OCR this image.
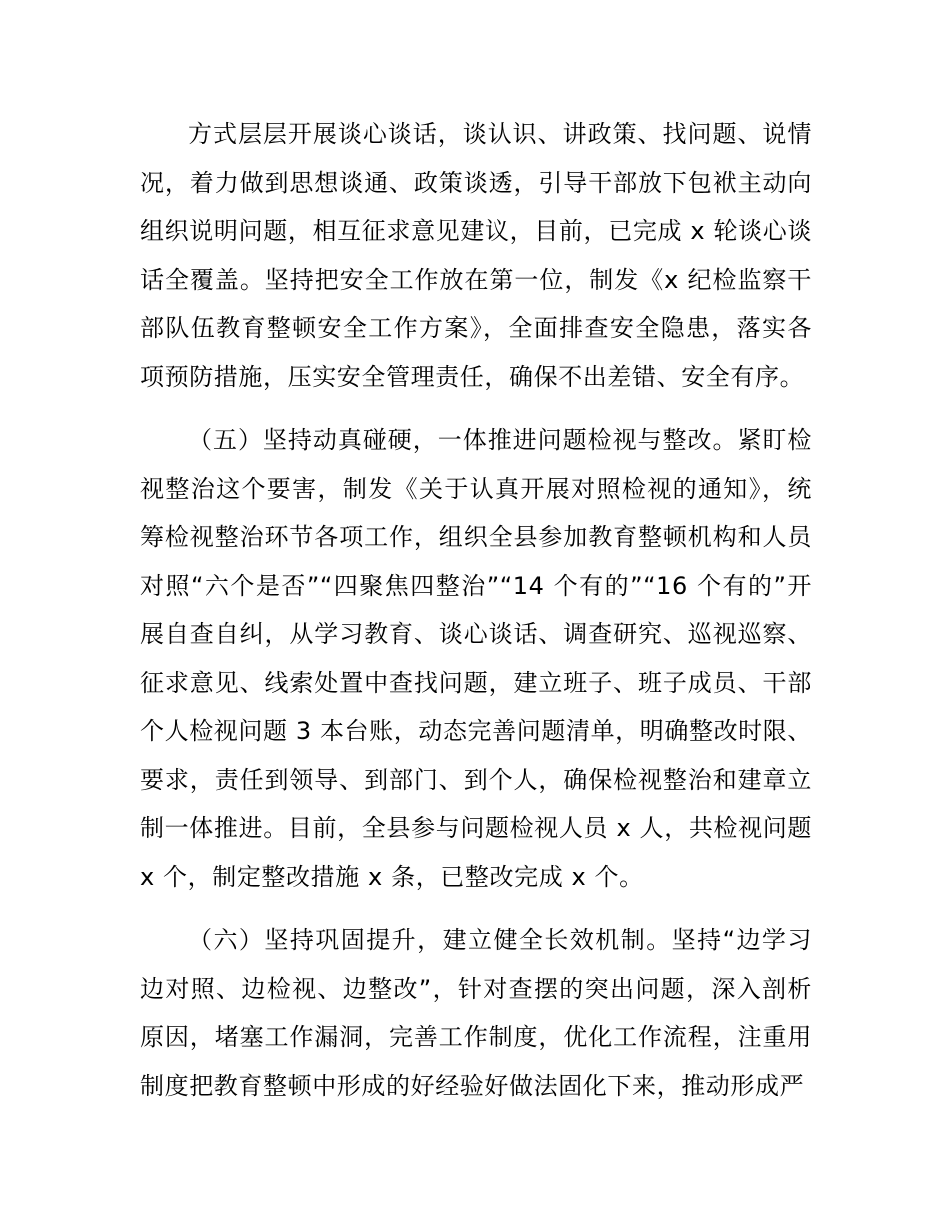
方式层层开展谈心谈话，谈认识、讲政策、找问题、说情况，着力做到思想谈通、政策谈透，引导干部放下包袱主动向组织说明问题，相互征求意见建议，目前，已完成 x 轮谈心谈话全覆盖。坚持把安全工作放在第一位，制发《x 纪检监察干部队伍教育整顿安全工作方案》，全面排查安全隐患，落实各项预防措施，压实安全管理责任，确保不出差错、安全有序。

（五）坚持动真碰硬，一体推进问题检视与整改。紧盯检视整治这个要害，制发《关于认真开展对照检视的通知》，统筹检视整治环节各项工作，组织全县参加教育整顿机构和人员对照“六个是否”“四聚焦四整治”“14 个有的”“16 个有的”开展自查自纠，从学习教育、谈心谈话、调查研究、巡视巡察、征求意见、线索处置中查找问题，建立班子、班子成员、干部个人检视问题 3 本台账，动态完善问题清单，明确整改时限、要求，责任到领导、到部门、到个人，确保检视整治和建章立制一体推进。目前，全县参与问题检视人员 x 人，共检视问题 x 个，制定整改措施 x 条，已整改完成 x 个。

（六）坚持巩固提升，建立健全长效机制。坚持“边学习边对照、边检视、边整改”，针对查摆的突出问题，深入剖析原因，堵塞工作漏洞，完善工作制度，优化工作流程，注重用制度把教育整顿中形成的好经验好做法固化下来，推动形成严
